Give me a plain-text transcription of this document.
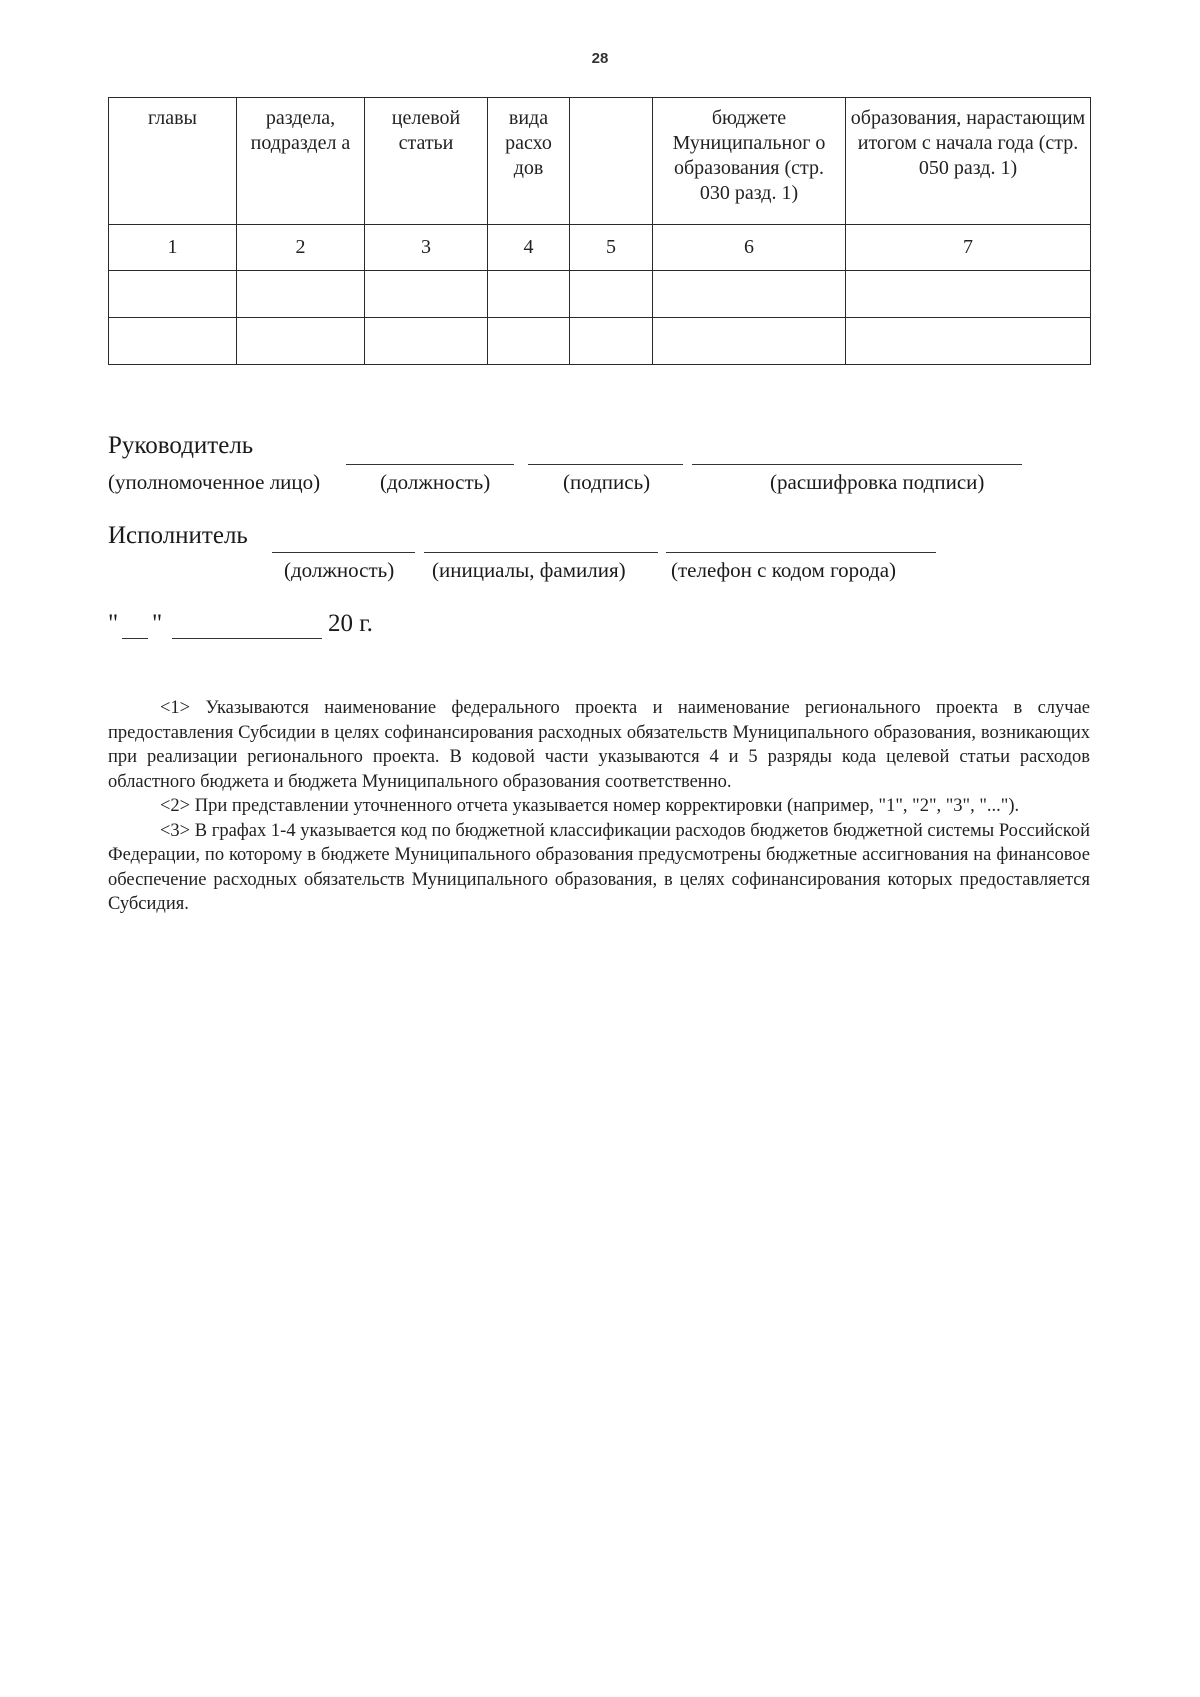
28
главы	раздела, подраздел а	целевой статьи	вида расхо дов		бюджете Муниципальног о образования (стр. 030 разд. 1)	образования, нарастающим итогом с начала года (стр. 050 разд. 1)
1	2	3	4	5	6	7

Руководитель
(уполномоченное лицо)	(должность)	(подпись)	(расшифровка подписи)
Исполнитель
(должность) (инициалы, фамилия) (телефон с кодом города)
" "	20 г.

<1> Указываются наименование федерального проекта и наименование регионального проекта в случае предоставления Субсидии в целях софинансирования расходных обязательств Муниципального образования, возникающих при реализации регионального проекта. В кодовой части указываются 4 и 5 разряды кода целевой статьи расходов областного бюджета и бюджета Муниципального образования соответственно.

<2> При представлении уточненного отчета указывается номер корректировки (например, "1", "2", "3", "...").

<3> В графах 1-4 указывается код по бюджетной классификации расходов бюджетов бюджетной системы Российской Федерации, по которому в бюджете Муниципального образования предусмотрены бюджетные ассигнования на финансовое обеспечение расходных обязательств Муниципального образования, в целях софинансирования которых предоставляется Субсидия.
